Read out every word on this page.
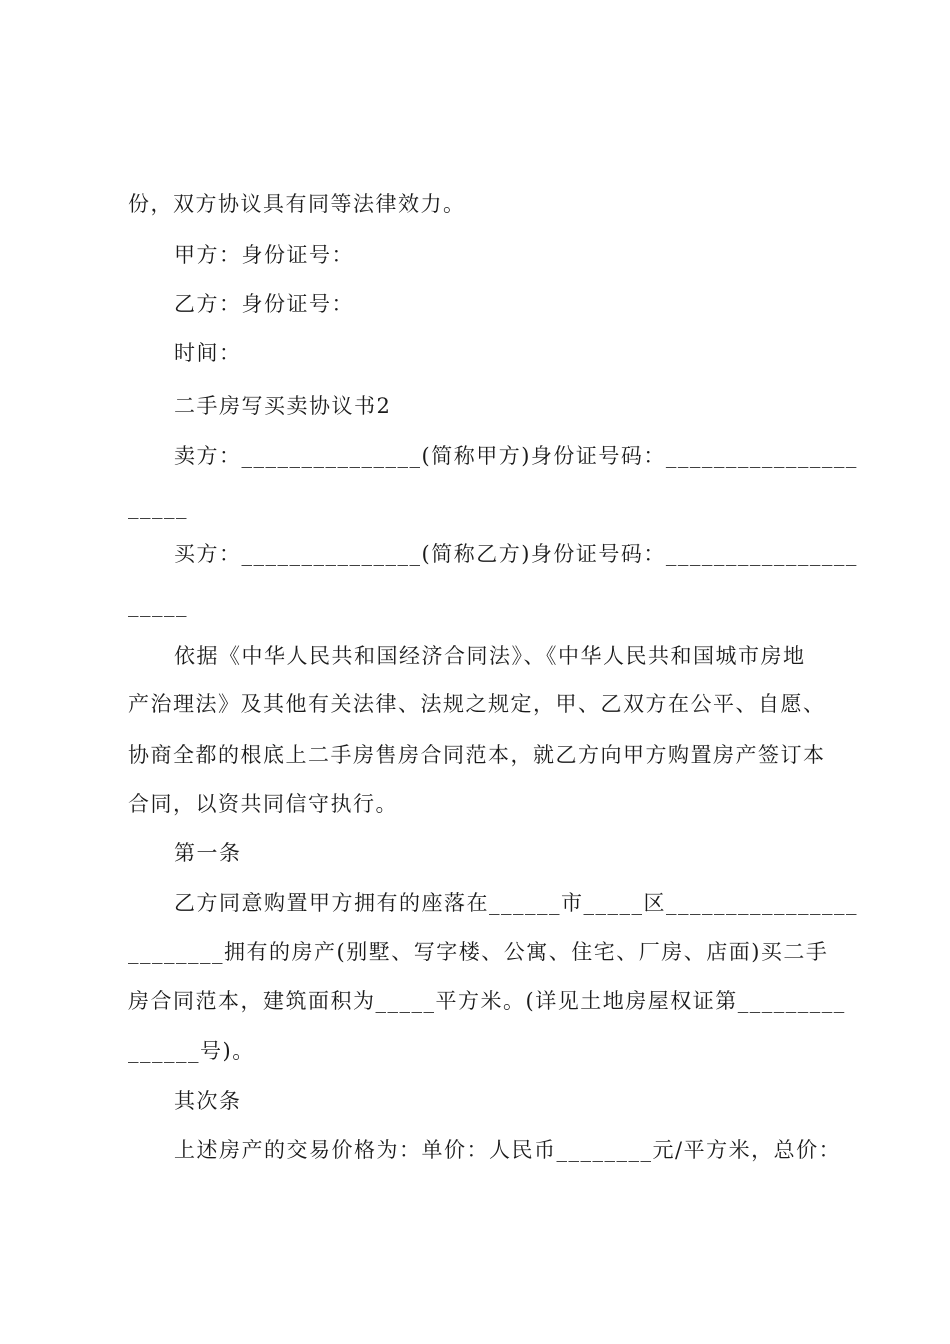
份，双方协议具有同等法律效力。
甲方：身份证号：
乙方：身份证号：
时间：
二手房写买卖协议书2
卖方：_______________(简称甲方)身份证号码：________________
_____
买方：_______________(简称乙方)身份证号码：________________
_____
依据《中华人民共和国经济合同法》、《中华人民共和国城市房地
产治理法》及其他有关法律、法规之规定，甲、乙双方在公平、自愿、
协商全都的根底上二手房售房合同范本，就乙方向甲方购置房产签订本
合同，以资共同信守执行。
第一条
乙方同意购置甲方拥有的座落在______市_____区________________
________拥有的房产(别墅、写字楼、公寓、住宅、厂房、店面)买二手
房合同范本，建筑面积为_____平方米。(详见土地房屋权证第_________
______号)。
其次条
上述房产的交易价格为：单价：人民币________元/平方米，总价：
